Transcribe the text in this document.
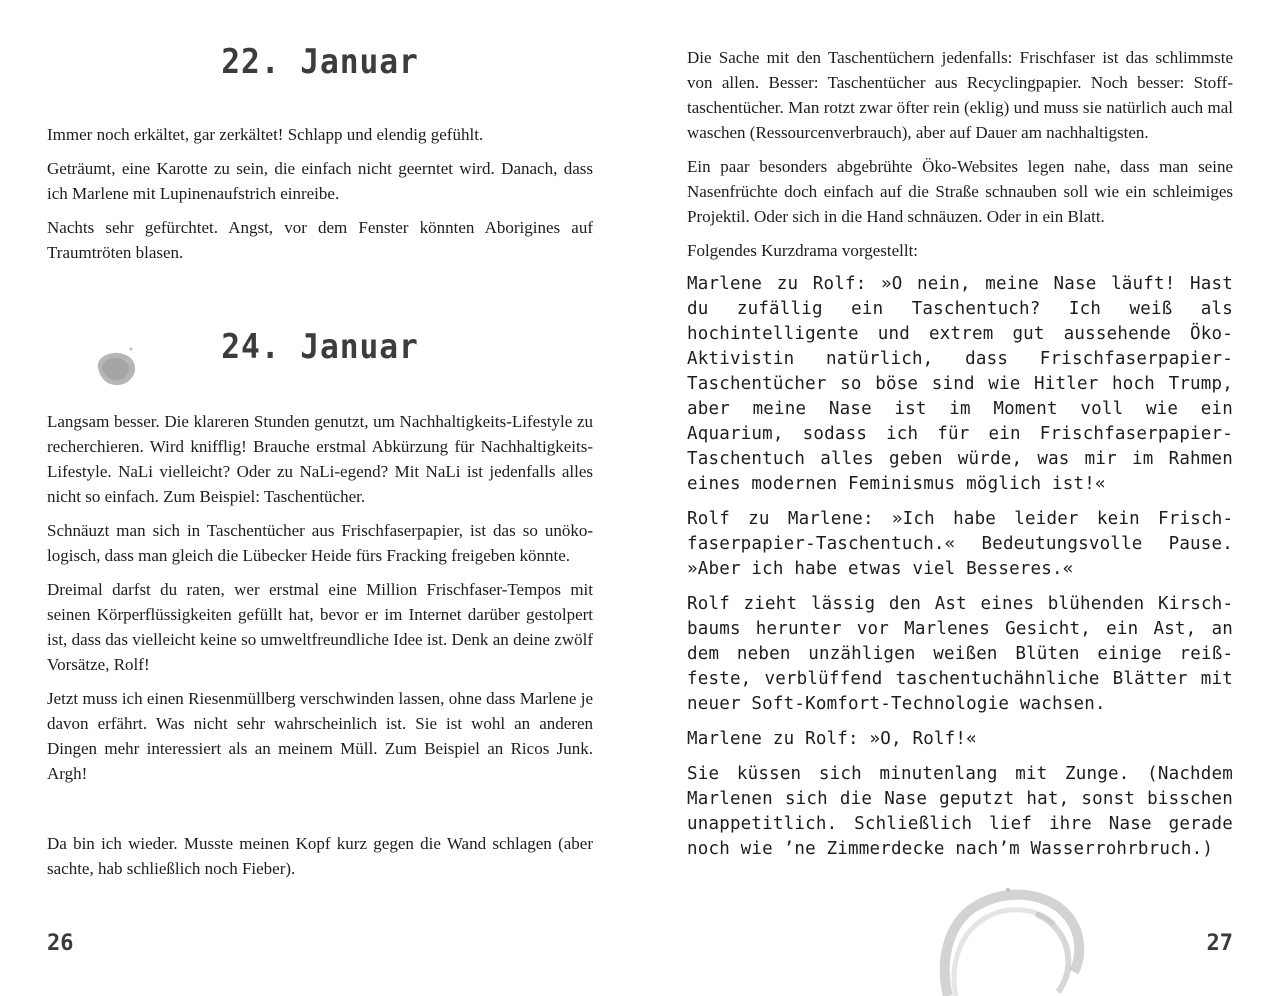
22. Januar

Immer noch erkältet, gar zerkältet! Schlapp und elendig gefühlt.

Geträumt, eine Karotte zu sein, die einfach nicht geerntet wird. Danach, dass ich Marlene mit Lupinenaufstrich einreibe.

Nachts sehr gefürchtet. Angst, vor dem Fenster könnten Aborigines auf Traumtröten blasen.

24. Januar

Langsam besser. Die klareren Stunden genutzt, um Nachhaltigkeits-Lifestyle zu recherchieren. Wird knifflig! Brauche erstmal Abkürzung für Nachhaltigkeits-Lifestyle. NaLi vielleicht? Oder zu NaLi-egend? Mit NaLi ist jedenfalls alles nicht so einfach. Zum Beispiel: Taschentücher.

Schnäuzt man sich in Taschentücher aus Frischfaserpapier, ist das so unökologisch, dass man gleich die Lübecker Heide fürs Fracking freigeben könnte.

Dreimal darfst du raten, wer erstmal eine Million Frischfaser-Tempos mit seinen Körperflüssigkeiten gefüllt hat, bevor er im Internet darüber gestolpert ist, dass das vielleicht keine so umweltfreundliche Idee ist. Denk an deine zwölf Vorsätze, Rolf!

Jetzt muss ich einen Riesenmüllberg verschwinden lassen, ohne dass Marlene je davon erfährt. Was nicht sehr wahrscheinlich ist. Sie ist wohl an anderen Dingen mehr interessiert als an meinem Müll. Zum Beispiel an Ricos Junk. Argh!

Da bin ich wieder. Musste meinen Kopf kurz gegen die Wand schlagen (aber sachte, hab schließlich noch Fieber).

26

Die Sache mit den Taschentüchern jedenfalls: Frischfaser ist das schlimmste von allen. Besser: Taschentücher aus Recyclingpapier. Noch besser: Stofftaschentücher. Man rotzt zwar öfter rein (eklig) und muss sie natürlich auch mal waschen (Ressourcenverbrauch), aber auf Dauer am nachhaltigsten.

Ein paar besonders abgebrühte Öko-Websites legen nahe, dass man seine Nasenfrüchte doch einfach auf die Straße schnauben soll wie ein schleimiges Projektil. Oder sich in die Hand schnäuzen. Oder in ein Blatt.

Folgendes Kurzdrama vorgestellt:

Marlene zu Rolf: »O nein, meine Nase läuft! Hast du zufällig ein Taschentuch? Ich weiß als hochintelligente und extrem gut aussehende Öko-Aktivistin natürlich, dass Frischfaserpapier-Taschentücher so böse sind wie Hitler hoch Trump, aber meine Nase ist im Moment voll wie ein Aquarium, sodass ich für ein Frischfaserpapier-Taschentuch alles geben würde, was mir im Rahmen eines modernen Feminismus möglich ist!«

Rolf zu Marlene: »Ich habe leider kein Frischfaserpapier-Taschentuch.« Bedeutungsvolle Pause. »Aber ich habe etwas viel Besseres.«

Rolf zieht lässig den Ast eines blühenden Kirschbaums herunter vor Marlenes Gesicht, ein Ast, an dem neben unzähligen weißen Blüten einige reißfeste, verblüffend taschentuchähnliche Blätter mit neuer Soft-Komfort-Technologie wachsen.

Marlene zu Rolf: »O, Rolf!«

Sie küssen sich minutenlang mit Zunge. (Nachdem Marlenen sich die Nase geputzt hat, sonst bisschen unappetitlich. Schließlich lief ihre Nase gerade noch wie ’ne Zimmerdecke nach’m Wasserrohrbruch.)

27
